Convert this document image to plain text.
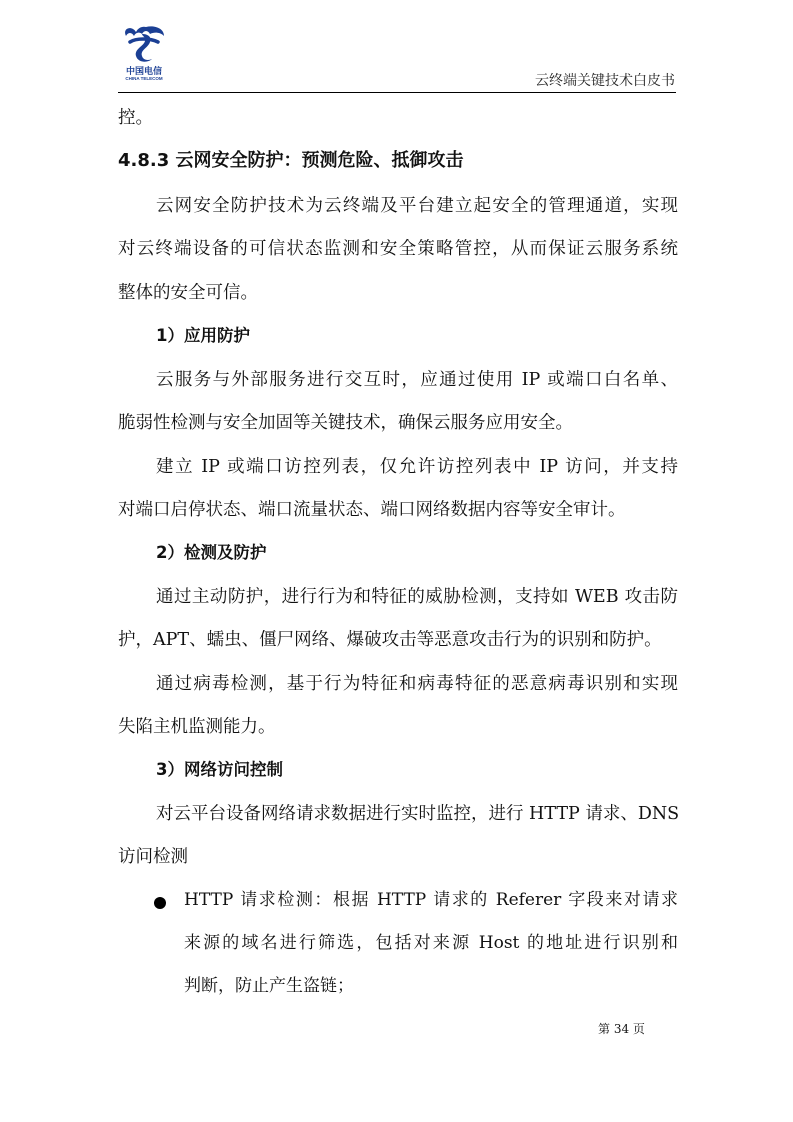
中国电信
CHINA TELECOM	云终端关键技术白皮书
控。
4.8.3 云网安全防护：预测危险、抵御攻击
云网安全防护技术为云终端及平台建立起安全的管理通道，实现
对云终端设备的可信状态监测和安全策略管控，从而保证云服务系统
整体的安全可信。
1）应用防护
云服务与外部服务进行交互时，应通过使用 IP 或端口白名单、
脆弱性检测与安全加固等关键技术，确保云服务应用安全。
建立 IP 或端口访控列表，仅允许访控列表中 IP 访问，并支持
对端口启停状态、端口流量状态、端口网络数据内容等安全审计。
2）检测及防护
通过主动防护，进行行为和特征的威胁检测，支持如 WEB 攻击防
护，APT、蠕虫、僵尸网络、爆破攻击等恶意攻击行为的识别和防护。
通过病毒检测，基于行为特征和病毒特征的恶意病毒识别和实现
失陷主机监测能力。
3）网络访问控制
对云平台设备网络请求数据进行实时监控，进行 HTTP 请求、DNS
访问检测
HTTP 请求检测：根据 HTTP 请求的 Referer 字段来对请求
来源的域名进行筛选，包括对来源 Host 的地址进行识别和
判断，防止产生盗链；
第 34 页
